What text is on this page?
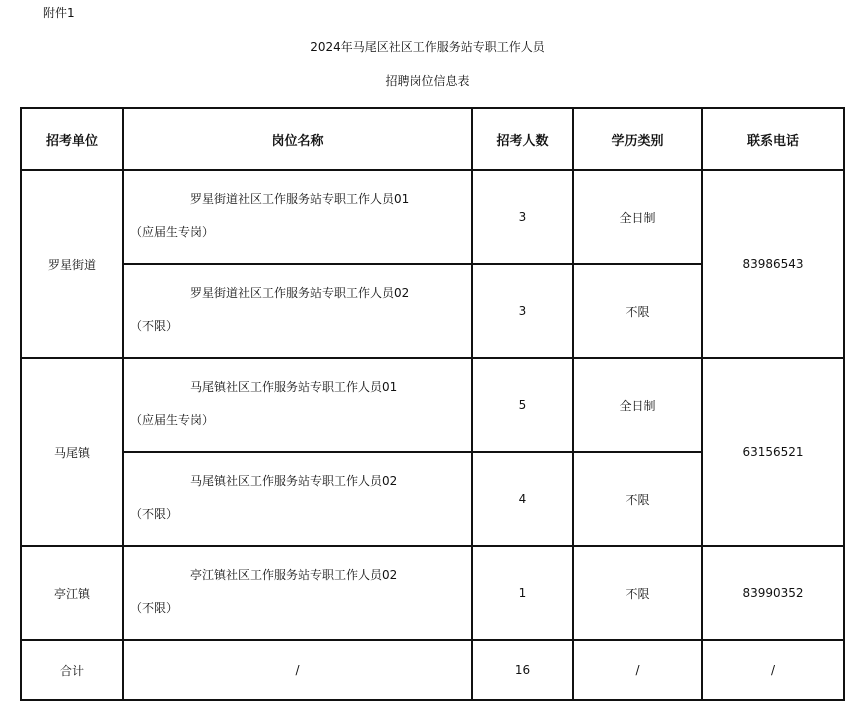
附件1
2024年马尾区社区工作服务站专职工作人员
招聘岗位信息表
招考单位	岗位名称	招考人数	学历类别	联系电话
罗星街道	罗星街道社区工作服务站专职工作人员01
（应届生专岗）	3	全日制	83986543

	罗星街道社区工作服务站专职工作人员02
（不限）	3	不限	
马尾镇	马尾镇社区工作服务站专职工作人员01
（应届生专岗）	5	全日制	63156521

	马尾镇社区工作服务站专职工作人员02
（不限）	4	不限	
亭江镇	亭江镇社区工作服务站专职工作人员02
（不限）	1	不限	83990352
合计	/	16	/	/
